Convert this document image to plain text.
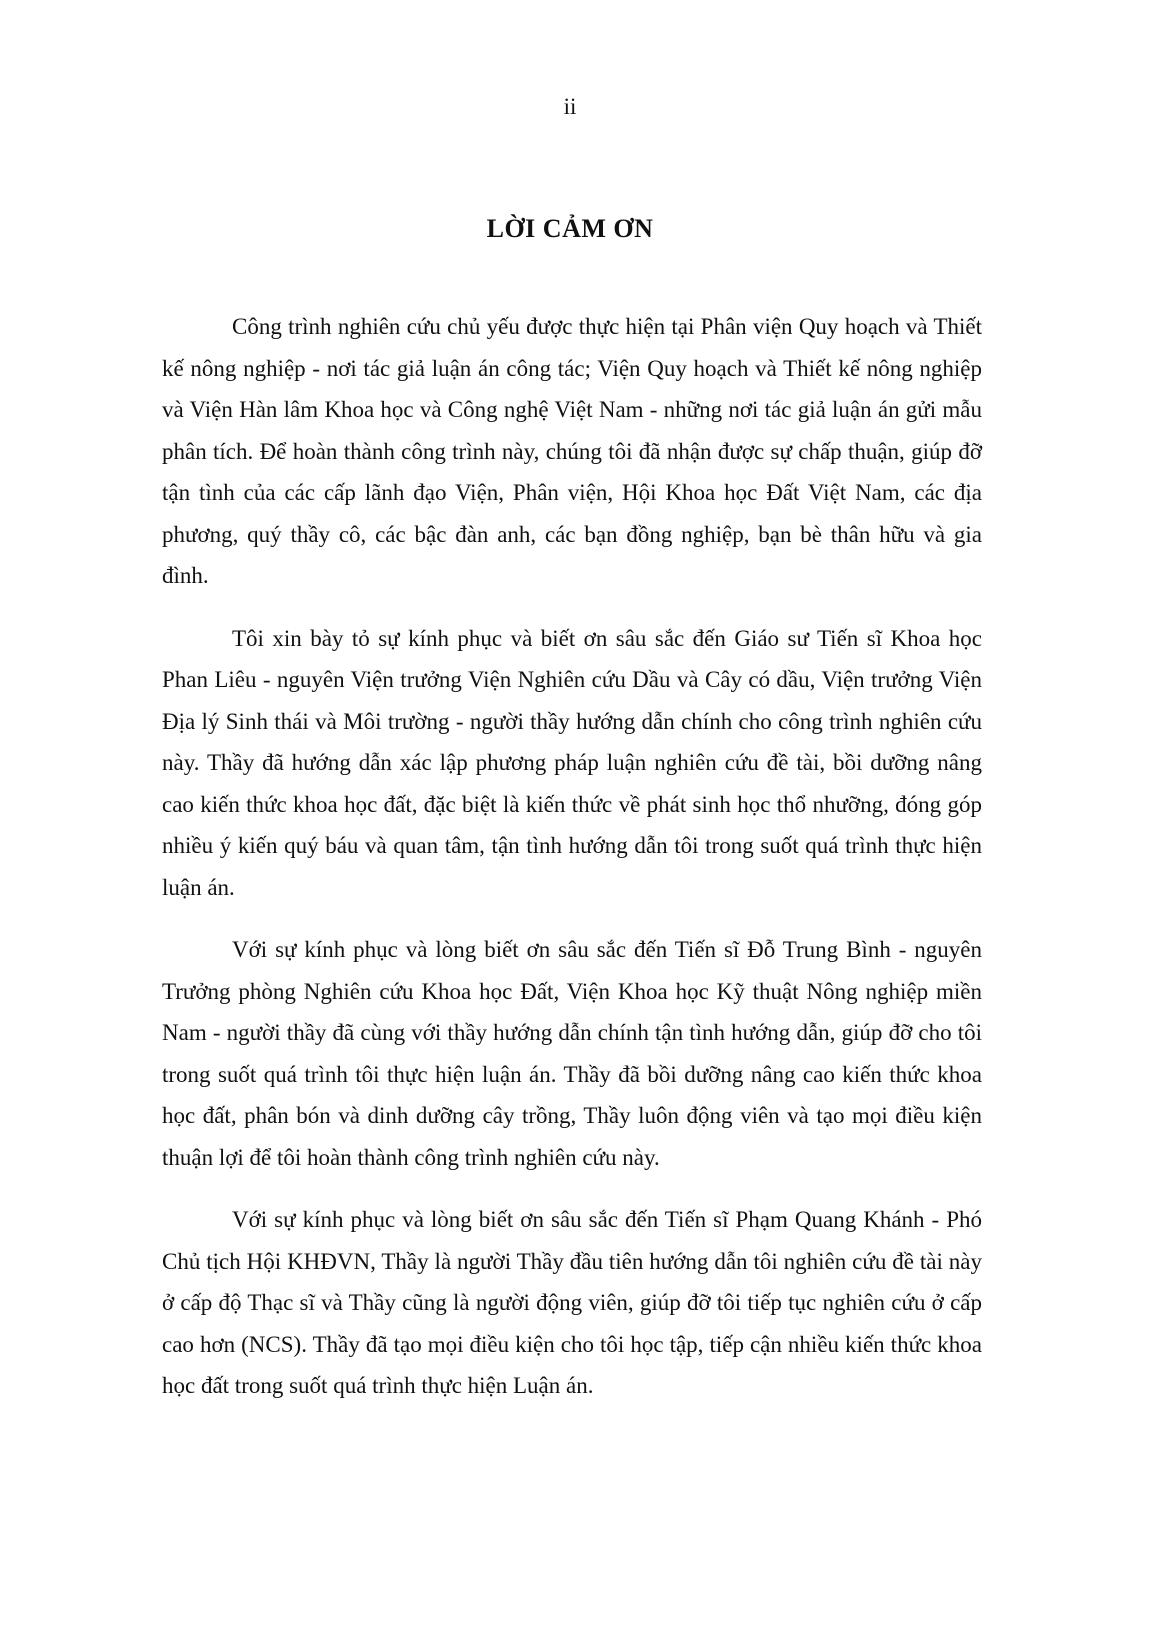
ii
LỜI CẢM ƠN

Công trình nghiên cứu chủ yếu được thực hiện tại Phân viện Quy hoạch và Thiết kế nông nghiệp - nơi tác giả luận án công tác; Viện Quy hoạch và Thiết kế nông nghiệp và Viện Hàn lâm Khoa học và Công nghệ Việt Nam - những nơi tác giả luận án gửi mẫu phân tích. Để hoàn thành công trình này, chúng tôi đã nhận được sự chấp thuận, giúp đỡ tận tình của các cấp lãnh đạo Viện, Phân viện, Hội Khoa học Đất Việt Nam, các địa phương, quý thầy cô, các bậc đàn anh, các bạn đồng nghiệp, bạn bè thân hữu và gia đình.

Tôi xin bày tỏ sự kính phục và biết ơn sâu sắc đến Giáo sư Tiến sĩ Khoa học Phan Liêu - nguyên Viện trưởng Viện Nghiên cứu Dầu và Cây có dầu, Viện trưởng Viện Địa lý Sinh thái và Môi trường - người thầy hướng dẫn chính cho công trình nghiên cứu này. Thầy đã hướng dẫn xác lập phương pháp luận nghiên cứu đề tài, bồi dưỡng nâng cao kiến thức khoa học đất, đặc biệt là kiến thức về phát sinh học thổ nhưỡng, đóng góp nhiều ý kiến quý báu và quan tâm, tận tình hướng dẫn tôi trong suốt quá trình thực hiện luận án.

Với sự kính phục và lòng biết ơn sâu sắc đến Tiến sĩ Đỗ Trung Bình - nguyên Trưởng phòng Nghiên cứu Khoa học Đất, Viện Khoa học Kỹ thuật Nông nghiệp miền Nam - người thầy đã cùng với thầy hướng dẫn chính tận tình hướng dẫn, giúp đỡ cho tôi trong suốt quá trình tôi thực hiện luận án. Thầy đã bồi dưỡng nâng cao kiến thức khoa học đất, phân bón và dinh dưỡng cây trồng, Thầy luôn động viên và tạo mọi điều kiện thuận lợi để tôi hoàn thành công trình nghiên cứu này.

Với sự kính phục và lòng biết ơn sâu sắc đến Tiến sĩ Phạm Quang Khánh - Phó Chủ tịch Hội KHĐVN, Thầy là người Thầy đầu tiên hướng dẫn tôi nghiên cứu đề tài này ở cấp độ Thạc sĩ và Thầy cũng là người động viên, giúp đỡ tôi tiếp tục nghiên cứu ở cấp cao hơn (NCS). Thầy đã tạo mọi điều kiện cho tôi học tập, tiếp cận nhiều kiến thức khoa học đất trong suốt quá trình thực hiện Luận án.
